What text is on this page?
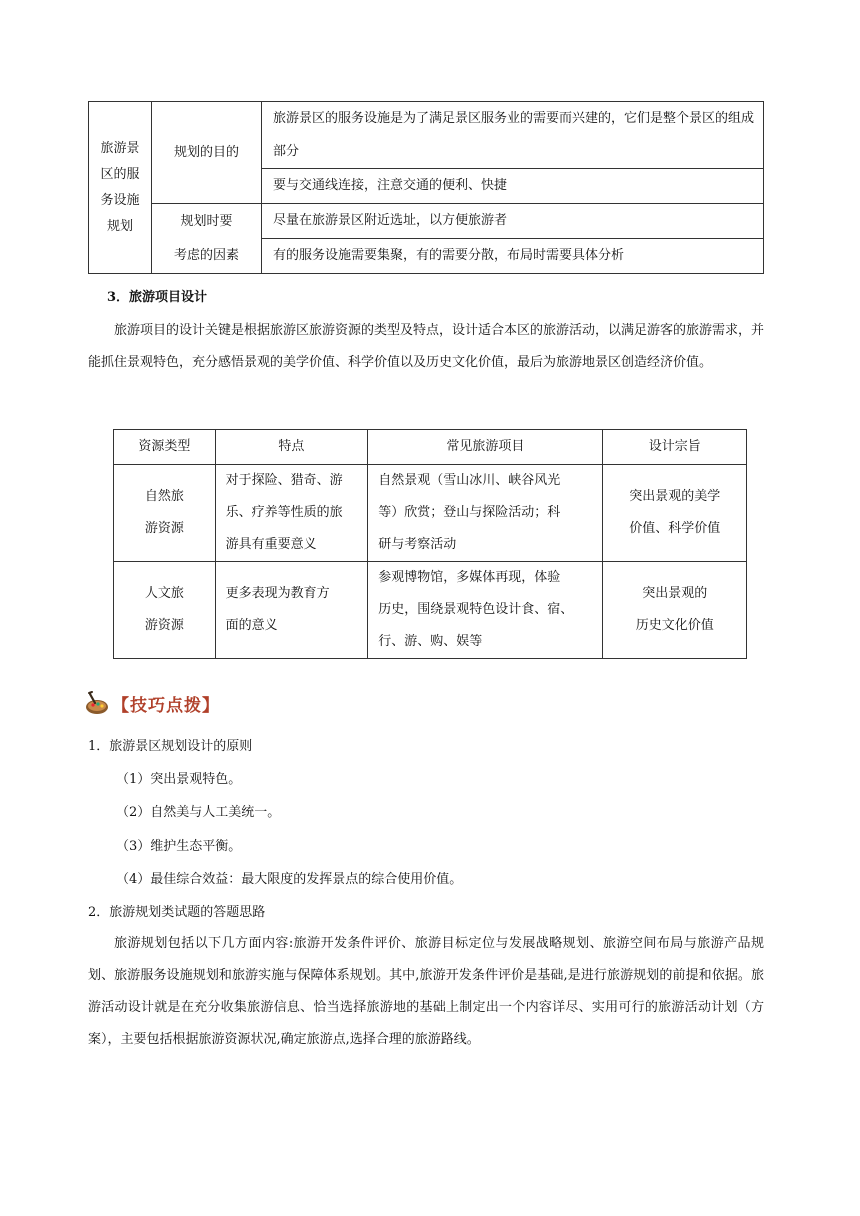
旅游景
区的服
务设施
规划	规划的目的	旅游景区的服务设施是为了满足景区服务业的需要而兴建的，它们是整个景区的组成部分
		要与交通线连接，注意交通的便利、快捷
	规划时要
考虑的因素	尽量在旅游景区附近选址，以方便旅游者
		有的服务设施需要集聚，有的需要分散，布局时需要具体分析
3．旅游项目设计
旅游项目的设计关键是根据旅游区旅游资源的类型及特点，设计适合本区的旅游活动，以满足游客的旅游需求，并能抓住景观特色，充分感悟景观的美学价值、科学价值以及历史文化价值，最后为旅游地景区创造经济价值。
资源类型	特点	常见旅游项目	设计宗旨
自然旅
游资源	对于探险、猎奇、游
乐、疗养等性质的旅
游具有重要意义	自然景观（雪山冰川、峡谷风光
等）欣赏；登山与探险活动；科
研与考察活动	突出景观的美学
价值、科学价值
人文旅
游资源	更多表现为教育方
面的意义	参观博物馆，多媒体再现，体验
历史，围绕景观特色设计食、宿、
行、游、购、娱等	突出景观的
历史文化价值
【技巧点拨】
1．旅游景区规划设计的原则
（1）突出景观特色。
（2）自然美与人工美统一。
（3）维护生态平衡。
（4）最佳综合效益：最大限度的发挥景点的综合使用价值。
2．旅游规划类试题的答题思路
旅游规划包括以下几方面内容:旅游开发条件评价、旅游目标定位与发展战略规划、旅游空间布局与旅游产品规划、旅游服务设施规划和旅游实施与保障体系规划。其中,旅游开发条件评价是基础,是进行旅游规划的前提和依据。旅游活动设计就是在充分收集旅游信息、恰当选择旅游地的基础上制定出一个内容详尽、实用可行的旅游活动计划（方案），主要包括根据旅游资源状况,确定旅游点,选择合理的旅游路线。
